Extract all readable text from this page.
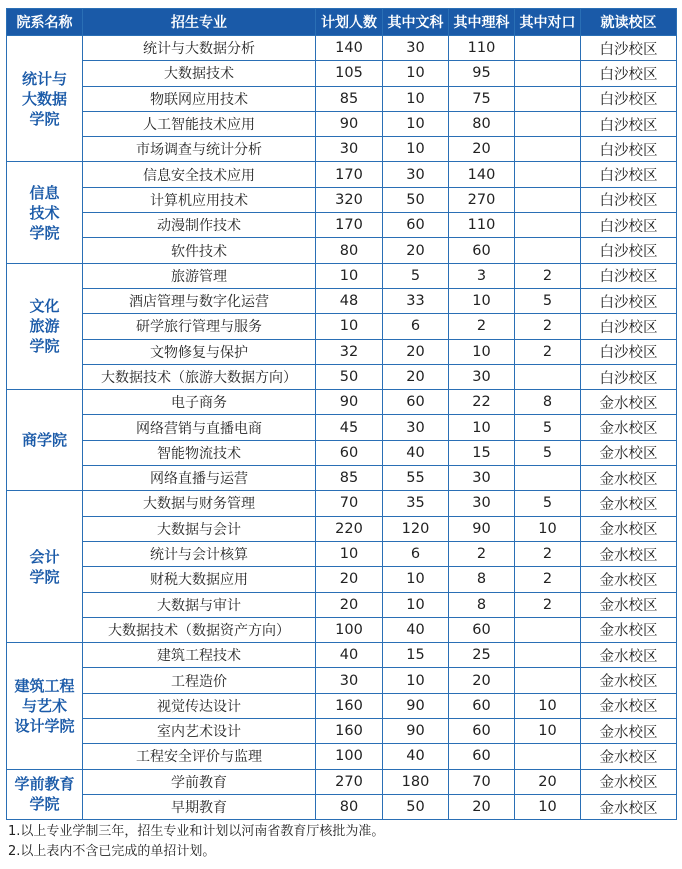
院系名称	招生专业	计划人数	其中文科	其中理科	其中对口	就读校区
统计与
大数据
学院	统计与大数据分析	140	30	110		白沙校区
	大数据技术	105	10	95		白沙校区
	物联网应用技术	85	10	75		白沙校区
	人工智能技术应用	90	10	80		白沙校区
	市场调查与统计分析	30	10	20		白沙校区
信息
技术
学院	信息安全技术应用	170	30	140		白沙校区
	计算机应用技术	320	50	270		白沙校区
	动漫制作技术	170	60	110		白沙校区
	软件技术	80	20	60		白沙校区
文化
旅游
学院	旅游管理	10	5	3	2	白沙校区
	酒店管理与数字化运营	48	33	10	5	白沙校区
	研学旅行管理与服务	10	6	2	2	白沙校区
	文物修复与保护	32	20	10	2	白沙校区
	大数据技术（旅游大数据方向）	50	20	30		白沙校区
商学院	电子商务	90	60	22	8	金水校区
	网络营销与直播电商	45	30	10	5	金水校区
	智能物流技术	60	40	15	5	金水校区
	网络直播与运营	85	55	30		金水校区
会计
学院	大数据与财务管理	70	35	30	5	金水校区
	大数据与会计	220	120	90	10	金水校区
	统计与会计核算	10	6	2	2	金水校区
	财税大数据应用	20	10	8	2	金水校区
	大数据与审计	20	10	8	2	金水校区
	大数据技术（数据资产方向）	100	40	60		金水校区
建筑工程
与艺术
设计学院	建筑工程技术	40	15	25		金水校区
	工程造价	30	10	20		金水校区
	视觉传达设计	160	90	60	10	金水校区
	室内艺术设计	160	90	60	10	金水校区
	工程安全评价与监理	100	40	60		金水校区
学前教育
学院	学前教育	270	180	70	20	金水校区
	早期教育	80	50	20	10	金水校区
1.以上专业学制三年，招生专业和计划以河南省教育厅核批为准。
2.以上表内不含已完成的单招计划。
